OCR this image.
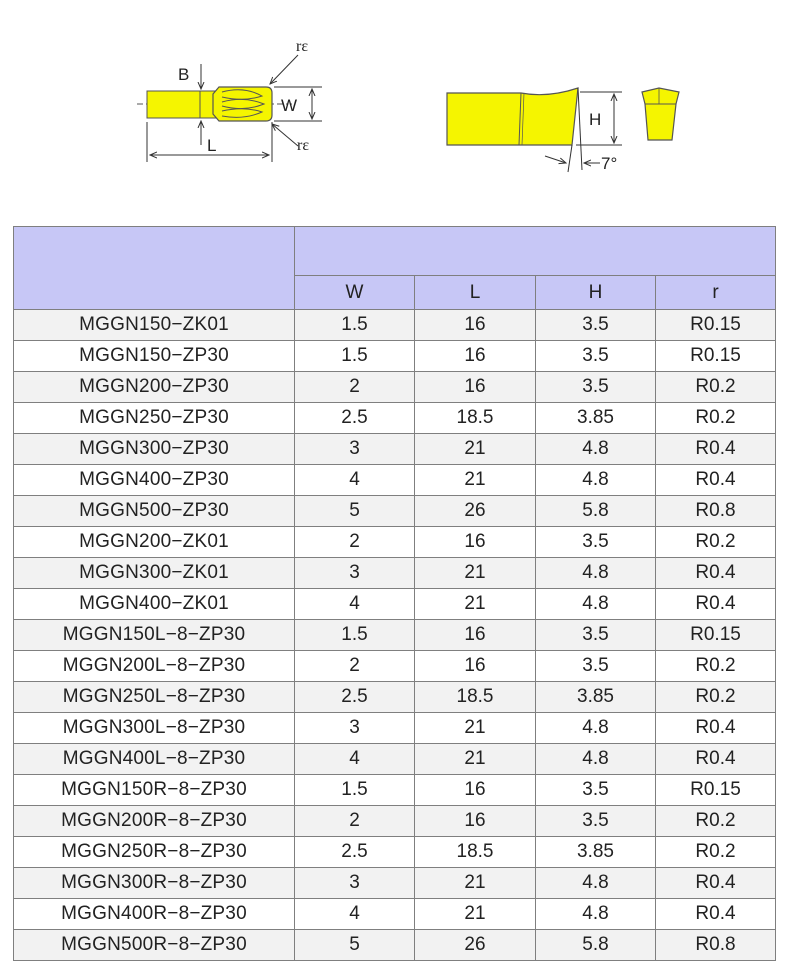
B
W
L
rε
rε
H
7°

	W	L	H	r
MGGN150−ZK01	1.5	16	3.5	R0.15
MGGN150−ZP30	1.5	16	3.5	R0.15
MGGN200−ZP30	2	16	3.5	R0.2
MGGN250−ZP30	2.5	18.5	3.85	R0.2
MGGN300−ZP30	3	21	4.8	R0.4
MGGN400−ZP30	4	21	4.8	R0.4
MGGN500−ZP30	5	26	5.8	R0.8
MGGN200−ZK01	2	16	3.5	R0.2
MGGN300−ZK01	3	21	4.8	R0.4
MGGN400−ZK01	4	21	4.8	R0.4
MGGN150L−8−ZP30	1.5	16	3.5	R0.15
MGGN200L−8−ZP30	2	16	3.5	R0.2
MGGN250L−8−ZP30	2.5	18.5	3.85	R0.2
MGGN300L−8−ZP30	3	21	4.8	R0.4
MGGN400L−8−ZP30	4	21	4.8	R0.4
MGGN150R−8−ZP30	1.5	16	3.5	R0.15
MGGN200R−8−ZP30	2	16	3.5	R0.2
MGGN250R−8−ZP30	2.5	18.5	3.85	R0.2
MGGN300R−8−ZP30	3	21	4.8	R0.4
MGGN400R−8−ZP30	4	21	4.8	R0.4
MGGN500R−8−ZP30	5	26	5.8	R0.8
